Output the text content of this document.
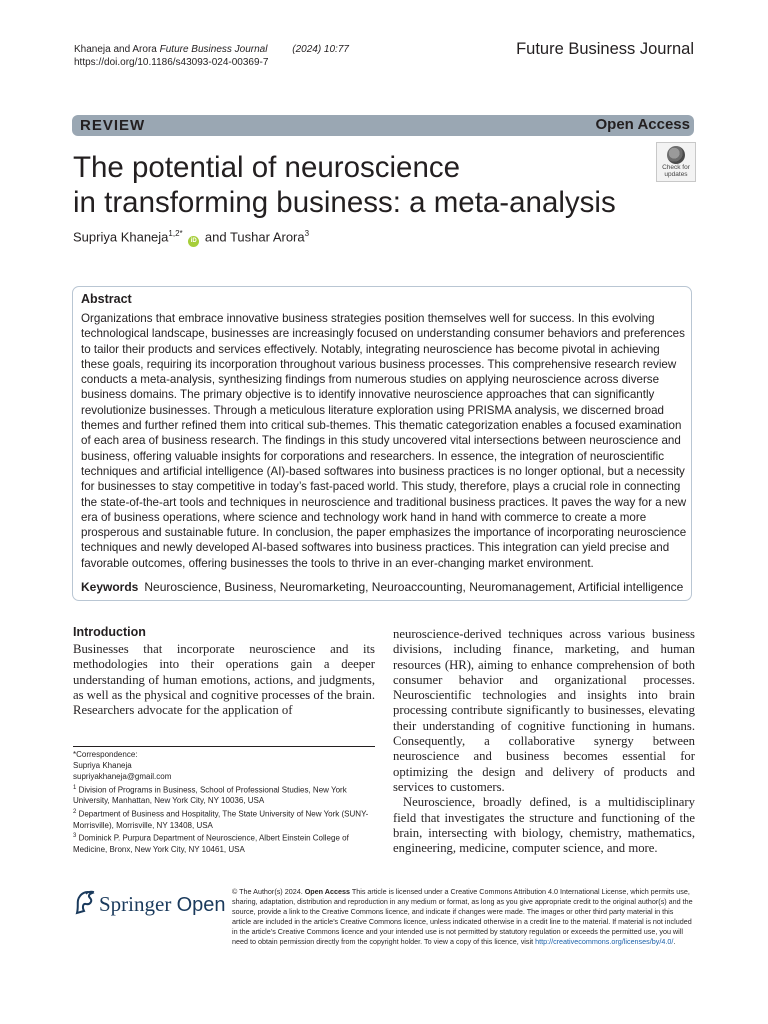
Khaneja and Arora Future Business Journal (2024) 10:77
https://doi.org/10.1186/s43093-024-00369-7
Future Business Journal
REVIEW	Open Access
The potential of neuroscience
in transforming business: a meta-analysis
Check for
updates
Supriya Khaneja$^{1,2*}$ iD and Tushar Arora$^3$
Abstract
Organizations that embrace innovative business strategies position themselves well for success. In this evolving technological landscape, businesses are increasingly focused on understanding consumer behaviors and preferences to tailor their products and services effectively. Notably, integrating neuroscience has become pivotal in achieving these goals, requiring its incorporation throughout various business processes. This comprehensive research review conducts a meta-analysis, synthesizing findings from numerous studies on applying neuroscience across diverse business domains. The primary objective is to identify innovative neuroscience approaches that can significantly revolutionize businesses. Through a meticulous literature exploration using PRISMA analysis, we discerned broad themes and further refined them into critical sub-themes. This thematic categorization enables a focused examination of each area of business research. The findings in this study uncovered vital intersections between neuroscience and business, offering valuable insights for corporations and researchers. In essence, the integration of neuroscientific techniques and artificial intelligence (AI)-based softwares into business practices is no longer optional, but a necessity for businesses to stay competitive in today’s fast-paced world. This study, therefore, plays a crucial role in connecting the state-of-the-art tools and techniques in neuroscience and traditional business practices. It paves the way for a new era of business operations, where science and technology work hand in hand with commerce to create a more prosperous and sustainable future. In conclusion, the paper emphasizes the importance of incorporating neuroscience techniques and newly developed AI-based softwares into business practices. This integration can yield precise and favorable outcomes, offering businesses the tools to thrive in an ever-changing market environment.
Keywords Neuroscience, Business, Neuromarketing, Neuroaccounting, Neuromanagement, Artificial intelligence
Introduction

Businesses that incorporate neuroscience and its methodologies into their operations gain a deeper understanding of human emotions, actions, and judgments, as well as the physical and cognitive processes of the brain. Researchers advocate for the application of

neuroscience-derived techniques across various business divisions, including finance, marketing, and human resources (HR), aiming to enhance comprehension of both consumer behavior and organizational processes. Neuroscientific technologies and insights into brain processing contribute significantly to businesses, elevating their understanding of cognitive functioning in humans. Consequently, a collaborative synergy between neuroscience and business becomes essential for optimizing the design and delivery of products and services to customers.

Neuroscience, broadly defined, is a multidisciplinary field that investigates the structure and functioning of the brain, intersecting with biology, chemistry, mathematics, engineering, medicine, computer science, and more.

*Correspondence:
Supriya Khaneja
supriyakhaneja@gmail.com
$^1$ Division of Programs in Business, School of Professional Studies, New York University, Manhattan, New York City, NY 10036, USA
$^2$ Department of Business and Hospitality, The State University of New York (SUNY-Morrisville), Morrisville, NY 13408, USA
$^3$ Dominick P. Purpura Department of Neuroscience, Albert Einstein College of Medicine, Bronx, New York City, NY 10461, USA
Springer Open
© The Author(s) 2024. Open Access This article is licensed under a Creative Commons Attribution 4.0 International License, which permits use, sharing, adaptation, distribution and reproduction in any medium or format, as long as you give appropriate credit to the original author(s) and the source, provide a link to the Creative Commons licence, and indicate if changes were made. The images or other third party material in this article are included in the article’s Creative Commons licence, unless indicated otherwise in a credit line to the material. If material is not included in the article’s Creative Commons licence and your intended use is not permitted by statutory regulation or exceeds the permitted use, you will need to obtain permission directly from the copyright holder. To view a copy of this licence, visit http://creativecommons.org/licenses/by/4.0/.
